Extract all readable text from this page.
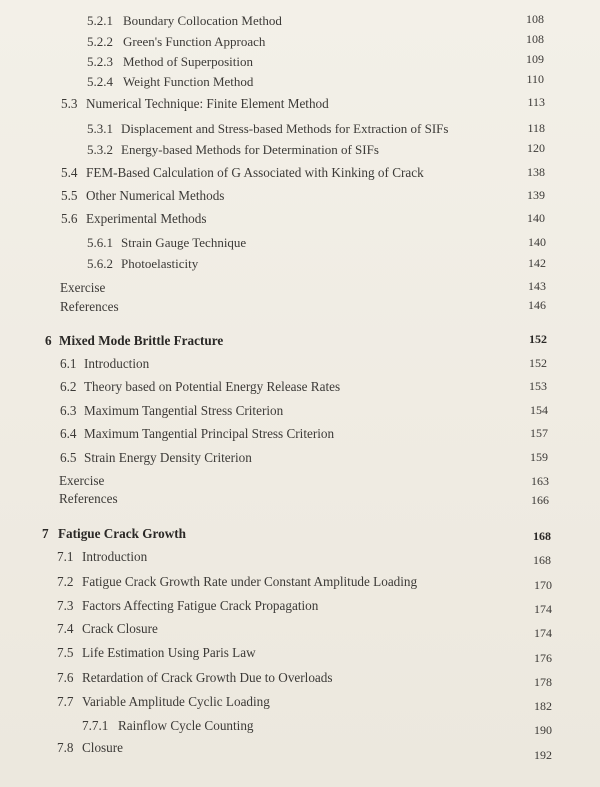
5.2.1 Boundary Collocation Method	108
5.2.2 Green's Function Approach	108
5.2.3 Method of Superposition	109
5.2.4 Weight Function Method	110
5.3 Numerical Technique: Finite Element Method	113
5.3.1 Displacement and Stress-based Methods for Extraction of SIFs	118
5.3.2 Energy-based Methods for Determination of SIFs	120
5.4 FEM-Based Calculation of G Associated with Kinking of Crack	138
5.5 Other Numerical Methods	139
5.6 Experimental Methods	140
5.6.1 Strain Gauge Technique	140
5.6.2 Photoelasticity	142
Exercise	143
References	146
6 Mixed Mode Brittle Fracture	152
6.1 Introduction	152
6.2 Theory based on Potential Energy Release Rates	153
6.3 Maximum Tangential Stress Criterion	154
6.4 Maximum Tangential Principal Stress Criterion	157
6.5 Strain Energy Density Criterion	159
Exercise	163
References	166
7 Fatigue Crack Growth	168
7.1 Introduction	168
7.2 Fatigue Crack Growth Rate under Constant Amplitude Loading	170
7.3 Factors Affecting Fatigue Crack Propagation	174
7.4 Crack Closure	174
7.5 Life Estimation Using Paris Law	176
7.6 Retardation of Crack Growth Due to Overloads	178
7.7 Variable Amplitude Cyclic Loading	182
7.7.1 Rainflow Cycle Counting	190
7.8 Closure	192
